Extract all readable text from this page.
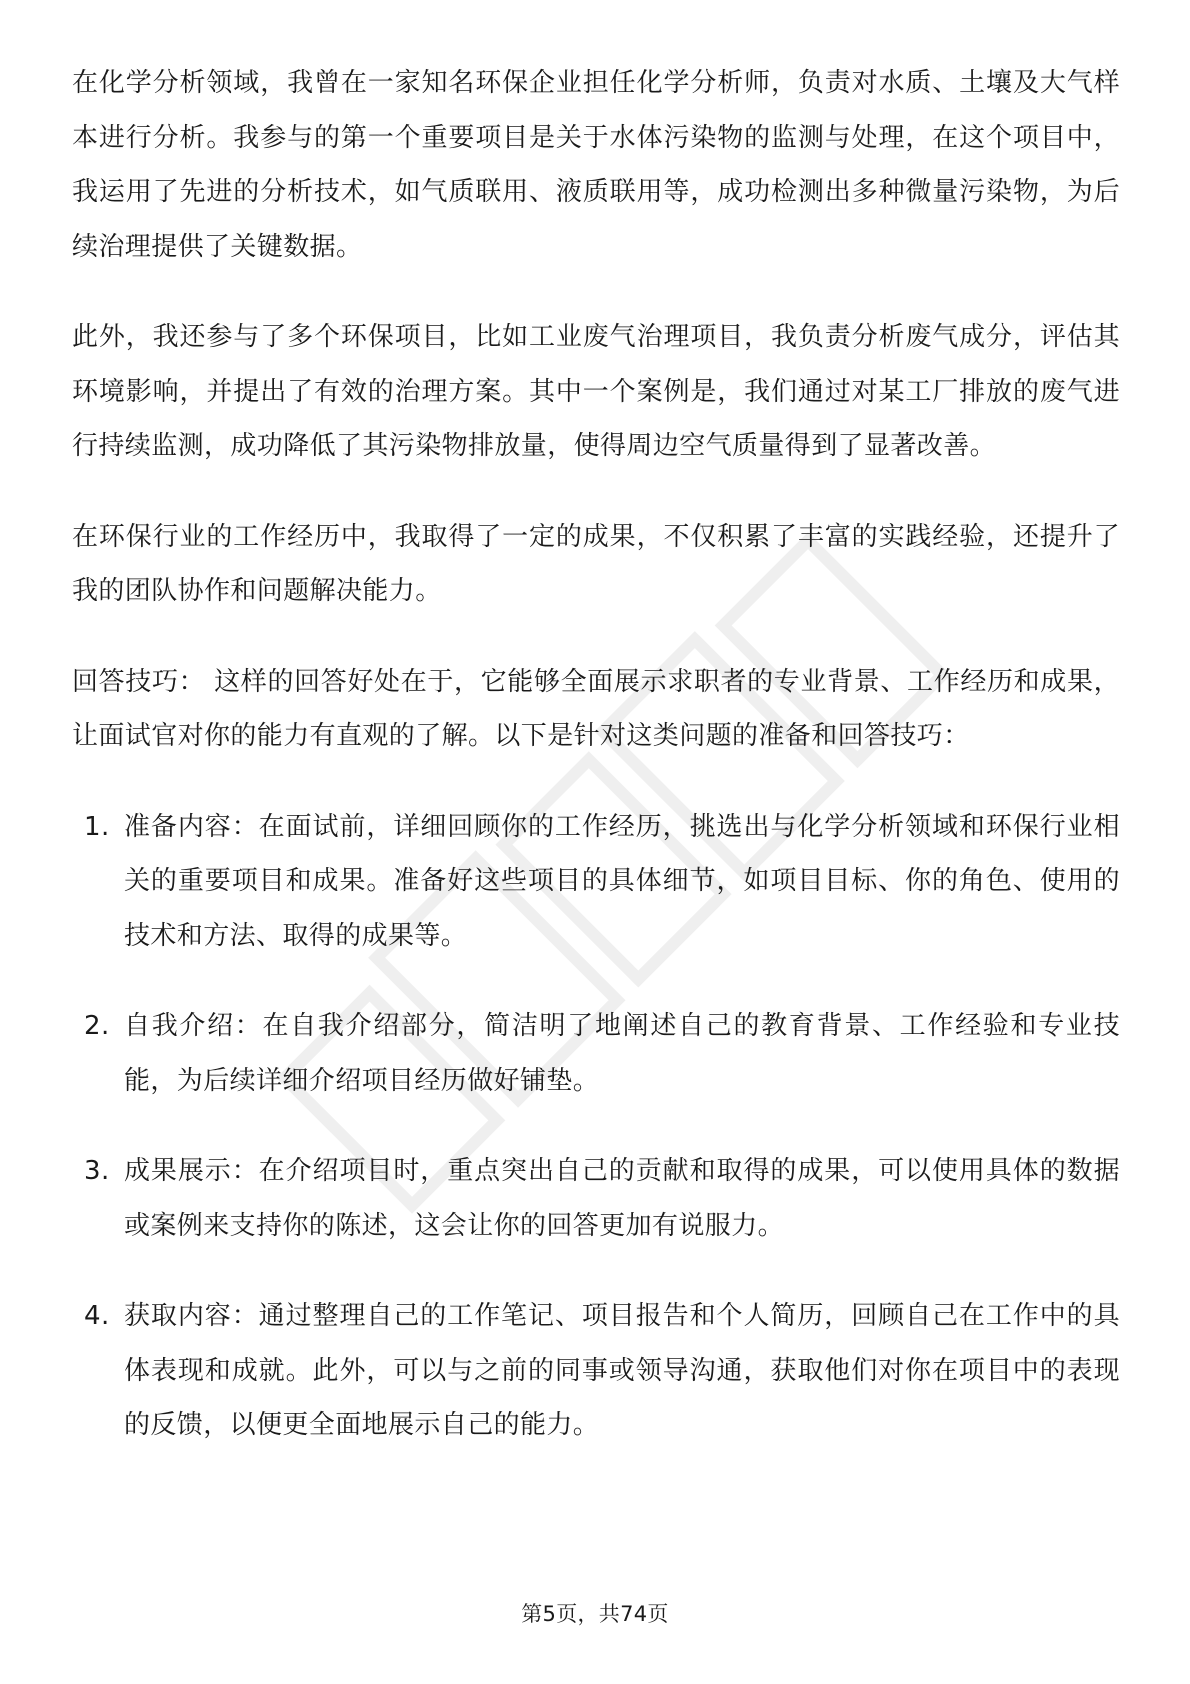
在化学分析领域，我曾在一家知名环保企业担任化学分析师，负责对水质、土壤及大气样本进行分析。我参与的第一个重要项目是关于水体污染物的监测与处理，在这个项目中，我运用了先进的分析技术，如气质联用、液质联用等，成功检测出多种微量污染物，为后续治理提供了关键数据。

此外，我还参与了多个环保项目，比如工业废气治理项目，我负责分析废气成分，评估其环境影响，并提出了有效的治理方案。其中一个案例是，我们通过对某工厂排放的废气进行持续监测，成功降低了其污染物排放量，使得周边空气质量得到了显著改善。

在环保行业的工作经历中，我取得了一定的成果，不仅积累了丰富的实践经验，还提升了我的团队协作和问题解决能力。

回答技巧： 这样的回答好处在于，它能够全面展示求职者的专业背景、工作经历和成果，让面试官对你的能力有直观的了解。以下是针对这类问题的准备和回答技巧：

1. 准备内容：在面试前，详细回顾你的工作经历，挑选出与化学分析领域和环保行业相关的重要项目和成果。准备好这些项目的具体细节，如项目目标、你的角色、使用的技术和方法、取得的成果等。
2. 自我介绍：在自我介绍部分，简洁明了地阐述自己的教育背景、工作经验和专业技能，为后续详细介绍项目经历做好铺垫。
3. 成果展示：在介绍项目时，重点突出自己的贡献和取得的成果，可以使用具体的数据或案例来支持你的陈述，这会让你的回答更加有说服力。
4. 获取内容：通过整理自己的工作笔记、项目报告和个人简历，回顾自己在工作中的具体表现和成就。此外，可以与之前的同事或领导沟通，获取他们对你在项目中的表现的反馈，以便更全面地展示自己的能力。
第5页，共74页
